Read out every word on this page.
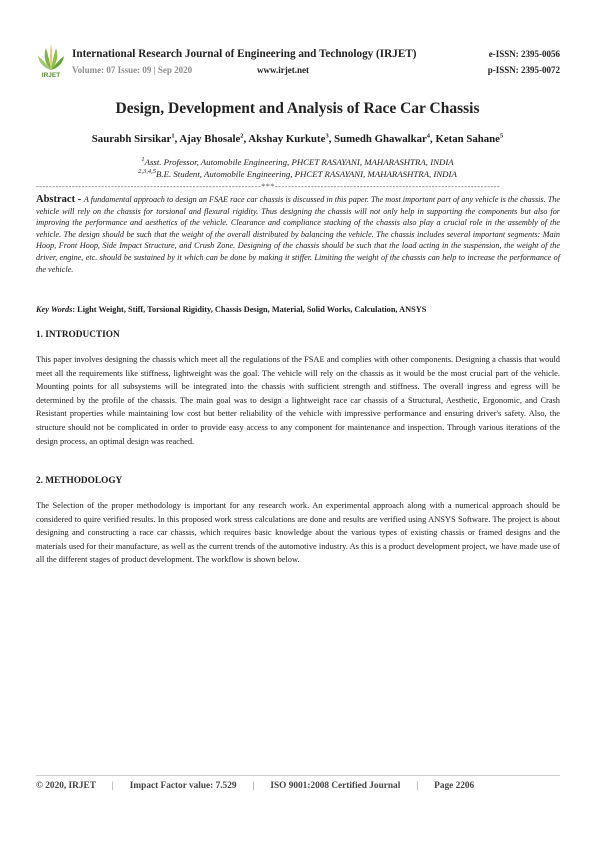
IRJET
International Research Journal of Engineering and Technology (IRJET)
Volume: 07 Issue: 09 | Sep 2020	www.irjet.net
e-ISSN: 2395-0056
p-ISSN: 2395-0072
Design, Development and Analysis of Race Car Chassis
Saurabh Sirsikar$^1$, Ajay Bhosale$^2$, Akshay Kurkute$^3$, Sumedh Ghawalkar$^4$, Ketan Sahane$^5$
$^1$Asst. Professor, Automobile Engineering, PHCET RASAYANI, MAHARASHTRA, INDIA
$^{2,3,4,5}$B.E. Student, Automobile Engineering, PHCET RASAYANI, MAHARASHTRA, INDIA
---------------------------------------------------------------------***---------------------------------------------------------------------
Abstract - A fundamental approach to design an FSAE race car chassis is discussed in this paper. The most important part of any vehicle is the chassis. The vehicle will rely on the chassis for torsional and flexural rigidity. Thus designing the chassis will not only help in supporting the components but also for improving the performance and aesthetics of the vehicle. Clearance and compliance stacking of the chassis also play a crucial role in the assembly of the vehicle. The design should be such that the weight of the overall distributed by balancing the vehicle. The chassis includes several important segments: Main Hoop, Front Hoop, Side Impact Structure, and Crush Zone. Designing of the chassis should be such that the load acting in the suspension, the weight of the driver, engine, etc. should be sustained by it which can be done by making it stiffer. Limiting the weight of the chassis can help to increase the performance of the vehicle.
Key Words: Light Weight, Stiff, Torsional Rigidity, Chassis Design, Material, Solid Works, Calculation, ANSYS
1. INTRODUCTION
This paper involves designing the chassis which meet all the regulations of the FSAE and complies with other components. Designing a chassis that would meet all the requirements like stiffness, lightweight was the goal. The vehicle will rely on the chassis as it would be the most crucial part of the vehicle. Mounting points for all subsystems will be integrated into the chassis with sufficient strength and stiffness. The overall ingress and egress will be determined by the profile of the chassis. The main goal was to design a lightweight race car chassis of a Structural, Aesthetic, Ergonomic, and Crash Resistant properties while maintaining low cost but better reliability of the vehicle with impressive performance and ensuring driver's safety. Also, the structure should not be complicated in order to provide easy access to any component for maintenance and inspection. Through various iterations of the design process, an optimal design was reached.
2. METHODOLOGY
The Selection of the proper methodology is important for any research work. An experimental approach along with a numerical approach should be considered to quire verified results. In this proposed work stress calculations are done and results are verified using ANSYS Software. The project is about designing and constructing a race car chassis, which requires basic knowledge about the various types of existing chassis or framed designs and the materials used for their manufacture, as well as the current trends of the automotive industry. As this is a product development project, we have made use of all the different stages of product development. The workflow is shown below.
© 2020, IRJET | Impact Factor value: 7.529 | ISO 9001:2008 Certified Journal | Page 2206
